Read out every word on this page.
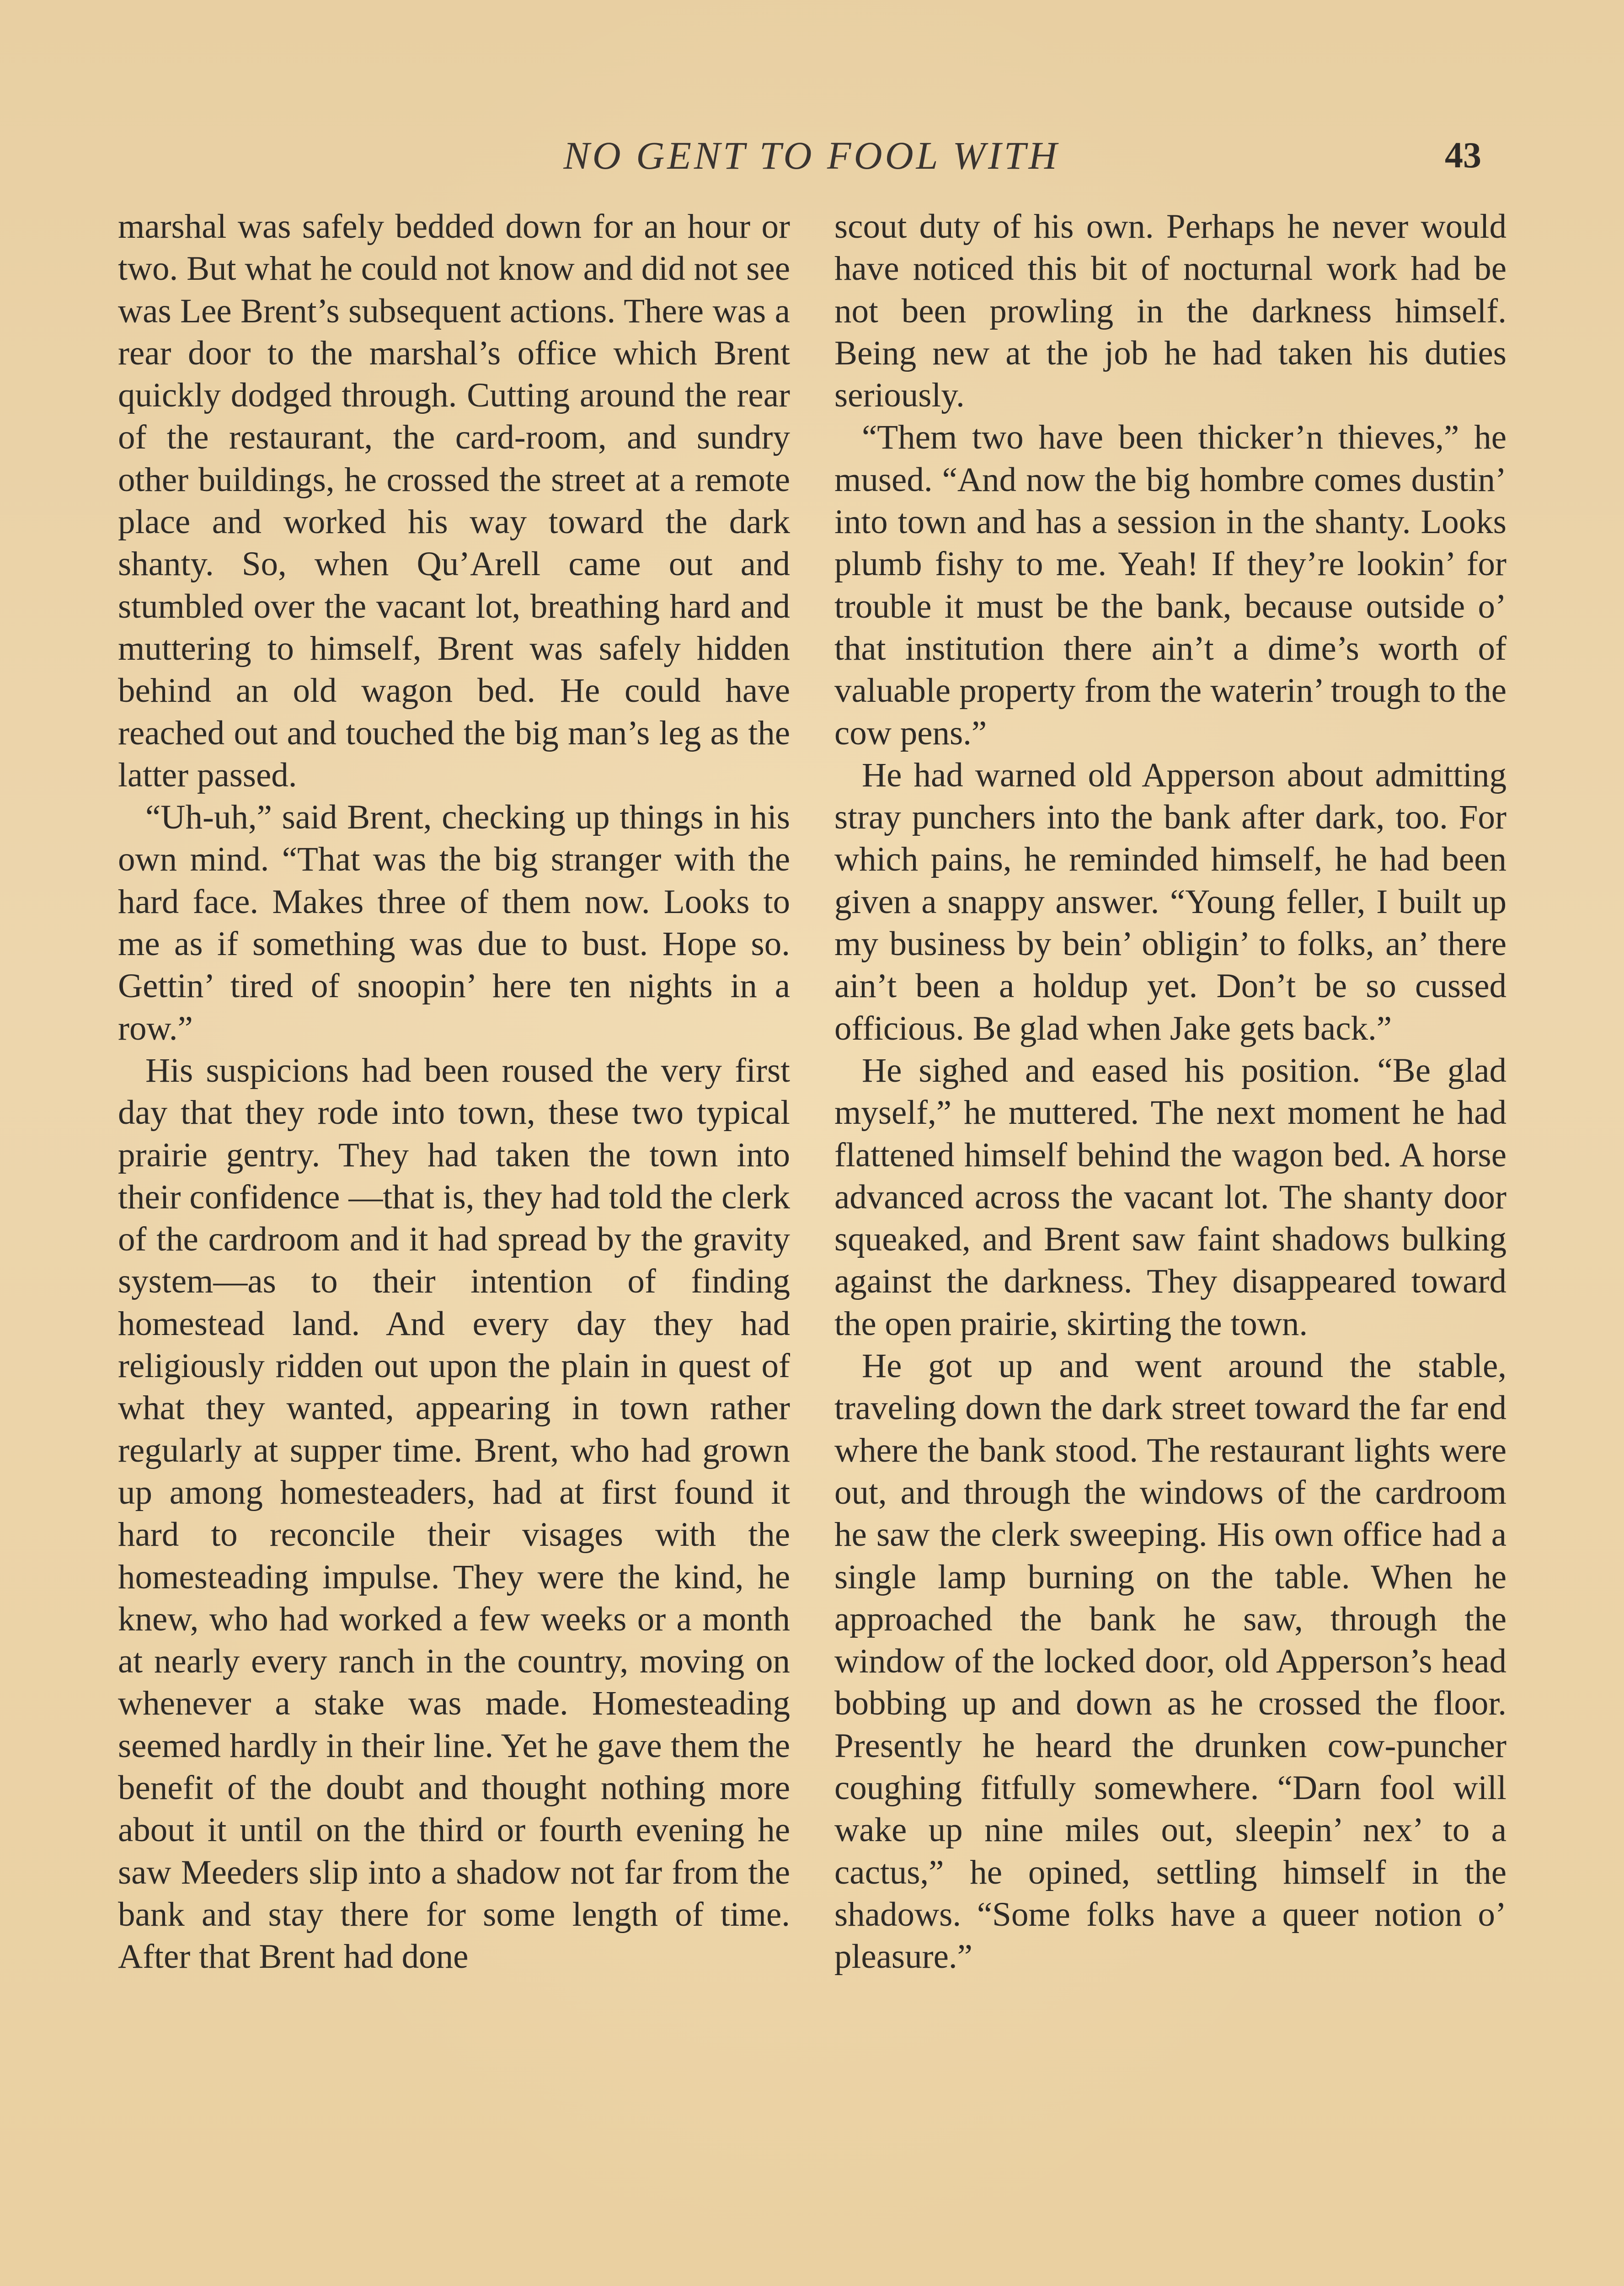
NO GENT TO FOOL WITH	43

marshal was safely bedded down for an hour or two. But what he could not know and did not see was Lee Brent’s subsequent actions. There was a rear door to the marshal’s office which Brent quickly dodged through. Cutting around the rear of the restaurant, the card-room, and sundry other buildings, he crossed the street at a remote place and worked his way toward the dark shanty. So, when Qu’Arell came out and stumbled over the vacant lot, breathing hard and muttering to himself, Brent was safely hidden behind an old wagon bed. He could have reached out and touched the big man’s leg as the latter passed.

“Uh-uh,” said Brent, checking up things in his own mind. “That was the big stranger with the hard face. Makes three of them now. Looks to me as if something was due to bust. Hope so. Gettin’ tired of snoopin’ here ten nights in a row.”

His suspicions had been roused the very first day that they rode into town, these two typical prairie gentry. They had taken the town into their confidence —that is, they had told the clerk of the cardroom and it had spread by the gravity system—as to their intention of finding homestead land. And every day they had religiously ridden out upon the plain in quest of what they wanted, appearing in town rather regularly at supper time. Brent, who had grown up among homesteaders, had at first found it hard to reconcile their visages with the homesteading impulse. They were the kind, he knew, who had worked a few weeks or a month at nearly every ranch in the country, moving on whenever a stake was made. Homesteading seemed hardly in their line. Yet he gave them the benefit of the doubt and thought nothing more about it until on the third or fourth evening he saw Meeders slip into a shadow not far from the bank and stay there for some length of time. After that Brent had done

scout duty of his own. Perhaps he never would have noticed this bit of nocturnal work had be not been prowling in the darkness himself. Being new at the job he had taken his duties seriously.

“Them two have been thicker’n thieves,” he mused. “And now the big hombre comes dustin’ into town and has a session in the shanty. Looks plumb fishy to me. Yeah! If they’re lookin’ for trouble it must be the bank, because outside o’ that institution there ain’t a dime’s worth of valuable property from the waterin’ trough to the cow pens.”

He had warned old Apperson about admitting stray punchers into the bank after dark, too. For which pains, he reminded himself, he had been given a snappy answer. “Young feller, I built up my business by bein’ obligin’ to folks, an’ there ain’t been a holdup yet. Don’t be so cussed officious. Be glad when Jake gets back.”

He sighed and eased his position. “Be glad myself,” he muttered. The next moment he had flattened himself behind the wagon bed. A horse advanced across the vacant lot. The shanty door squeaked, and Brent saw faint shadows bulking against the darkness. They disappeared toward the open prairie, skirting the town.

He got up and went around the stable, traveling down the dark street toward the far end where the bank stood. The restaurant lights were out, and through the windows of the cardroom he saw the clerk sweeping. His own office had a single lamp burning on the table. When he approached the bank he saw, through the window of the locked door, old Apperson’s head bobbing up and down as he crossed the floor. Presently he heard the drunken cow-puncher coughing fitfully somewhere. “Darn fool will wake up nine miles out, sleepin’ nex’ to a cactus,” he opined, settling himself in the shadows. “Some folks have a queer notion o’ pleasure.”
